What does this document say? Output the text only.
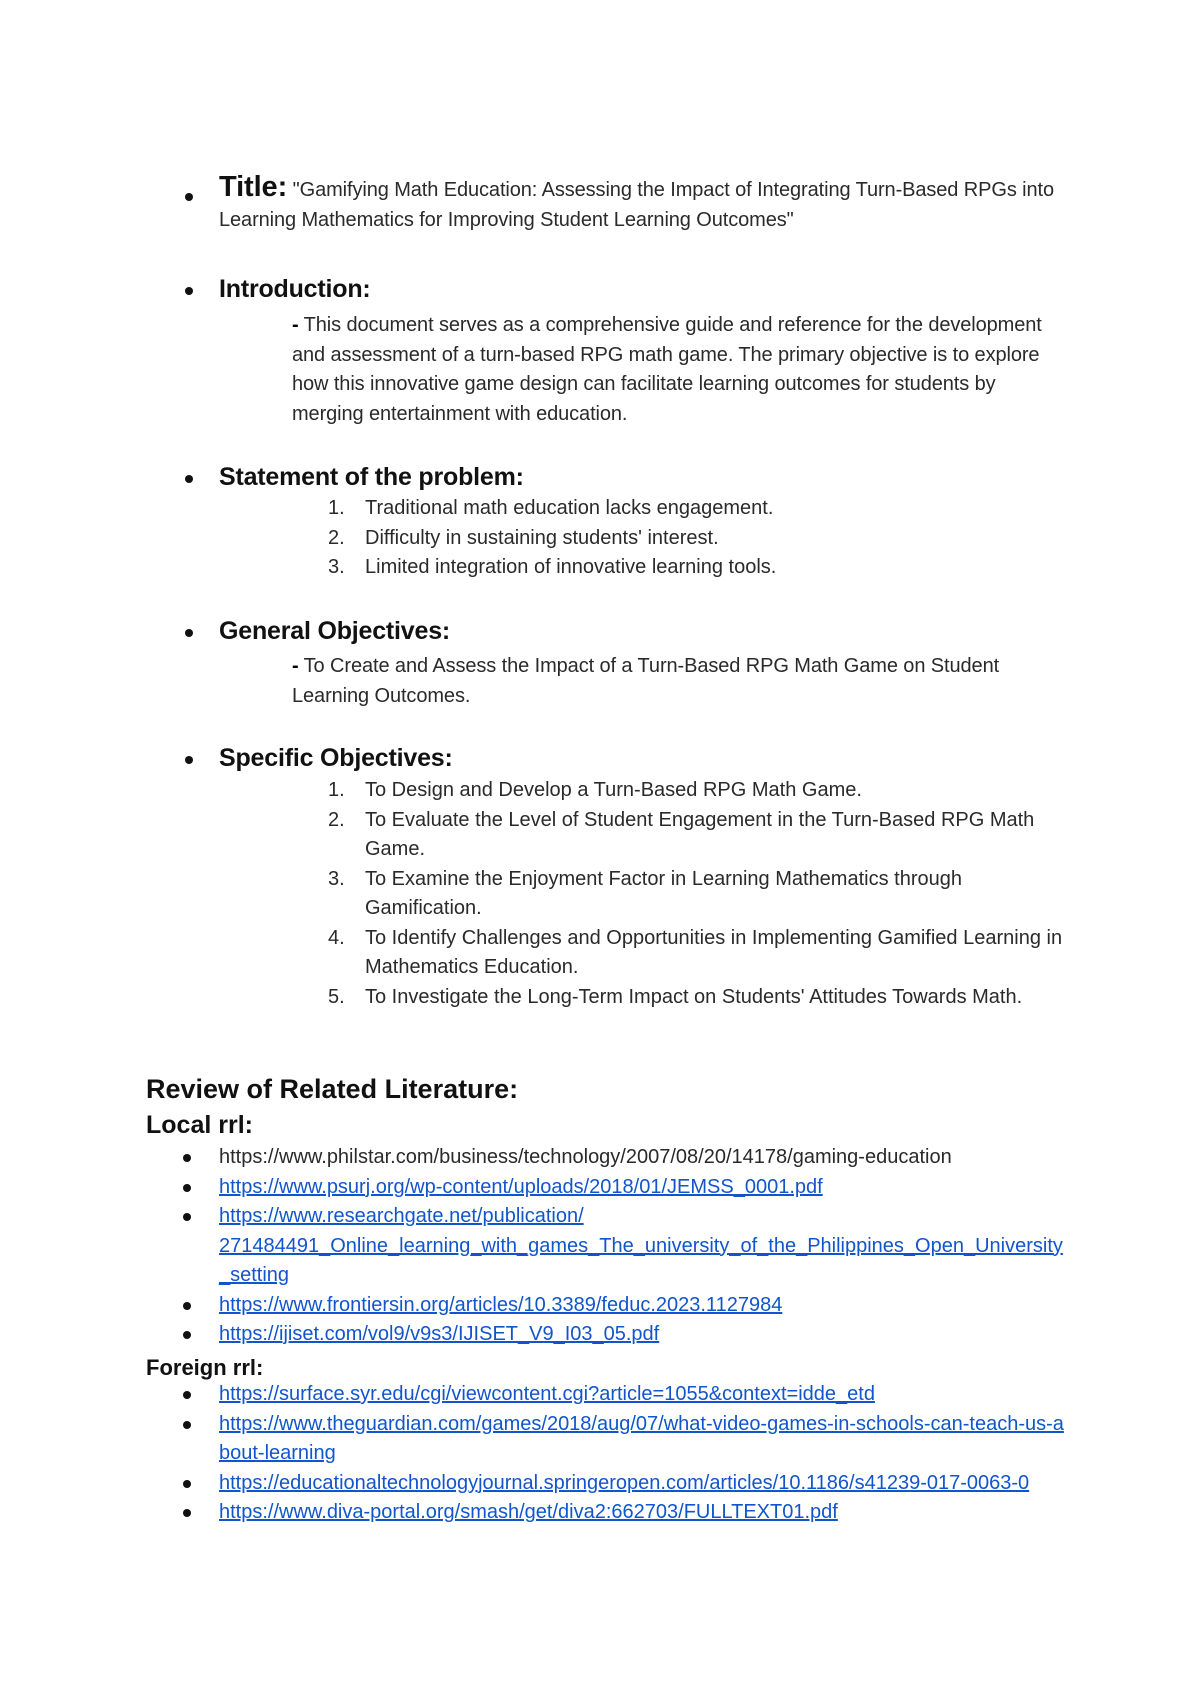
Title: "Gamifying Math Education: Assessing the Impact of Integrating Turn-Based RPGs into Learning Mathematics for Improving Student Learning Outcomes"
Introduction:
- This document serves as a comprehensive guide and reference for the development and assessment of a turn-based RPG math game. The primary objective is to explore how this innovative game design can facilitate learning outcomes for students by merging entertainment with education.
Statement of the problem:
1. Traditional math education lacks engagement.
2. Difficulty in sustaining students' interest.
3. Limited integration of innovative learning tools.
General Objectives:
- To Create and Assess the Impact of a Turn-Based RPG Math Game on Student Learning Outcomes.
Specific Objectives:
1. To Design and Develop a Turn-Based RPG Math Game.
2. To Evaluate the Level of Student Engagement in the Turn-Based RPG Math Game.
3. To Examine the Enjoyment Factor in Learning Mathematics through Gamification.
4. To Identify Challenges and Opportunities in Implementing Gamified Learning in Mathematics Education.
5. To Investigate the Long-Term Impact on Students' Attitudes Towards Math.
Review of Related Literature:
Local rrl:
https://www.philstar.com/business/technology/2007/08/20/14178/gaming-education
https://www.psurj.org/wp-content/uploads/2018/01/JEMSS_0001.pdf
https://www.researchgate.net/publication/
271484491_Online_learning_with_games_The_university_of_the_Philippines_Open_University_setting
https://www.frontiersin.org/articles/10.3389/feduc.2023.1127984
https://ijiset.com/vol9/v9s3/IJISET_V9_I03_05.pdf
Foreign rrl:
https://surface.syr.edu/cgi/viewcontent.cgi?article=1055&context=idde_etd
https://www.theguardian.com/games/2018/aug/07/what-video-games-in-schools-can-teach-us-about-learning
https://educationaltechnologyjournal.springeropen.com/articles/10.1186/s41239-017-0063-0
https://www.diva-portal.org/smash/get/diva2:662703/FULLTEXT01.pdf
